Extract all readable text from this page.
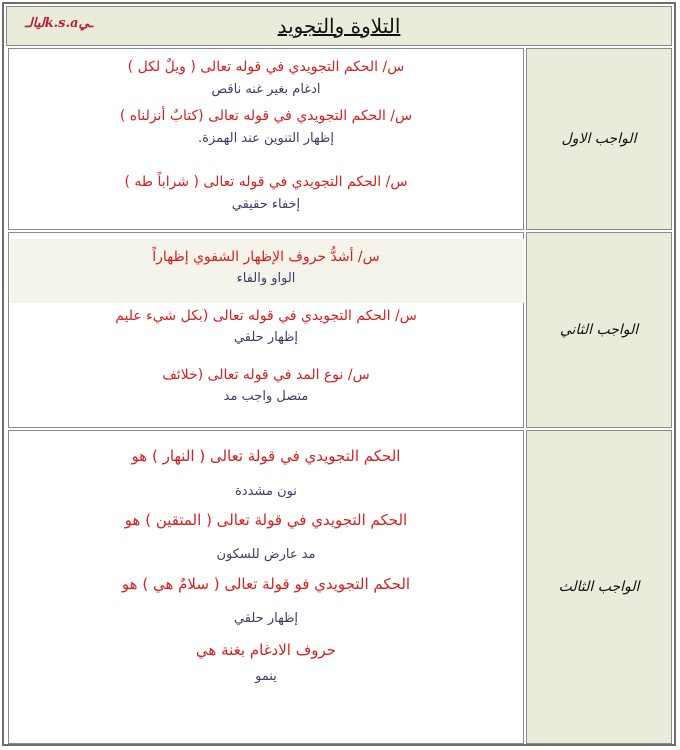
ليالـk.s.aـي	التلاوة والتجويد
س/ الحكم التجويدي في قوله تعالى ( ويلٌ لكل )
ادغام بغير غنه ناقص
س/ الحكم التجويدي في قوله تعالى (كتابٌ أنزلناه )
إظهار التنوين عند الهمزة.
س/ الحكم التجويدي في قوله تعالى ( شراباً طه )
إخفاء حقيقي
الواجب الاول
س/ أشدُّ حروف الإظهار الشفوي إظهاراً
الواو والفاء
س/ الحكم التجويدي في قوله تعالى (بكل شيء عليم
إظهار حلقي
س/ نوع المد في قوله تعالى (خلائف
متصل واجب مد
الواجب الثاني
الحكم التجويدي في قولة تعالى ( النهار ) هو
نون مشددة
الحكم التجويدي في قولة تعالى ( المتقين ) هو
مد عارض للسكون
الحكم التجويدي فو قولة تعالى ( سلامٌ هي ) هو
إظهار حلقي
حروف الادغام بغنة هي
ينمو
الواجب الثالث
